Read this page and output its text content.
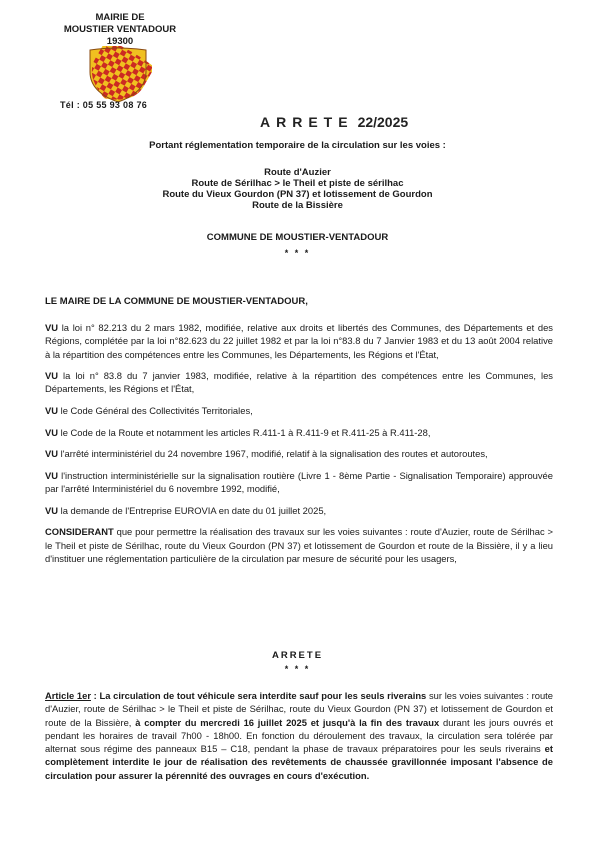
MAIRIE DE
MOUSTIER VENTADOUR
19300
Tél : 05 55 93 08 76
ARRETE 22/2025
Portant réglementation temporaire de la circulation sur les voies :
Route d'Auzier
Route de Sérilhac > le Theil et piste de sérilhac
Route du Vieux Gourdon (PN 37) et lotissement de Gourdon
Route de la Bissière
COMMUNE DE MOUSTIER-VENTADOUR
* * *
LE MAIRE DE LA COMMUNE DE MOUSTIER-VENTADOUR,

VU la loi n° 82.213 du 2 mars 1982, modifiée, relative aux droits et libertés des Communes, des Départements et des Régions, complétée par la loi n°82.623 du 22 juillet 1982 et par la loi n°83.8 du 7 Janvier 1983 et du 13 août 2004 relative à la répartition des compétences entre les Communes, les Départements, les Régions et l'État,

VU la loi n° 83.8 du 7 janvier 1983, modifiée, relative à la répartition des compétences entre les Communes, les Départements, les Régions et l'État,

VU le Code Général des Collectivités Territoriales,

VU le Code de la Route et notamment les articles R.411-1 à R.411-9 et R.411-25 à R.411-28,

VU l'arrêté interministériel du 24 novembre 1967, modifié, relatif à la signalisation des routes et autoroutes,

VU l'instruction interministérielle sur la signalisation routière (Livre 1 - 8ème Partie - Signalisation Temporaire) approuvée par l'arrêté Interministériel du 6 novembre 1992, modifié,

VU la demande de l'Entreprise EUROVIA en date du 01 juillet 2025,

CONSIDERANT que pour permettre la réalisation des travaux sur les voies suivantes : route d'Auzier, route de Sérilhac > le Theil et piste de Sérilhac, route du Vieux Gourdon (PN 37) et lotissement de Gourdon et route de la Bissière, il y a lieu d'instituer une réglementation particulière de la circulation par mesure de sécurité pour les usagers,

ARRETE
* * *
Article 1er : La circulation de tout véhicule sera interdite sauf pour les seuls riverains sur les voies suivantes : route d'Auzier, route de Sérilhac > le Theil et piste de Sérilhac, route du Vieux Gourdon (PN 37) et lotissement de Gourdon et route de la Bissière, à compter du mercredi 16 juillet 2025 et jusqu'à la fin des travaux durant les jours ouvrés et pendant les horaires de travail 7h00 - 18h00. En fonction du déroulement des travaux, la circulation sera tolérée par alternat sous régime des panneaux B15 – C18, pendant la phase de travaux préparatoires pour les seuls riverains et complètement interdite le jour de réalisation des revêtements de chaussée gravillonnée imposant l'absence de circulation pour assurer la pérennité des ouvrages en cours d'exécution.
